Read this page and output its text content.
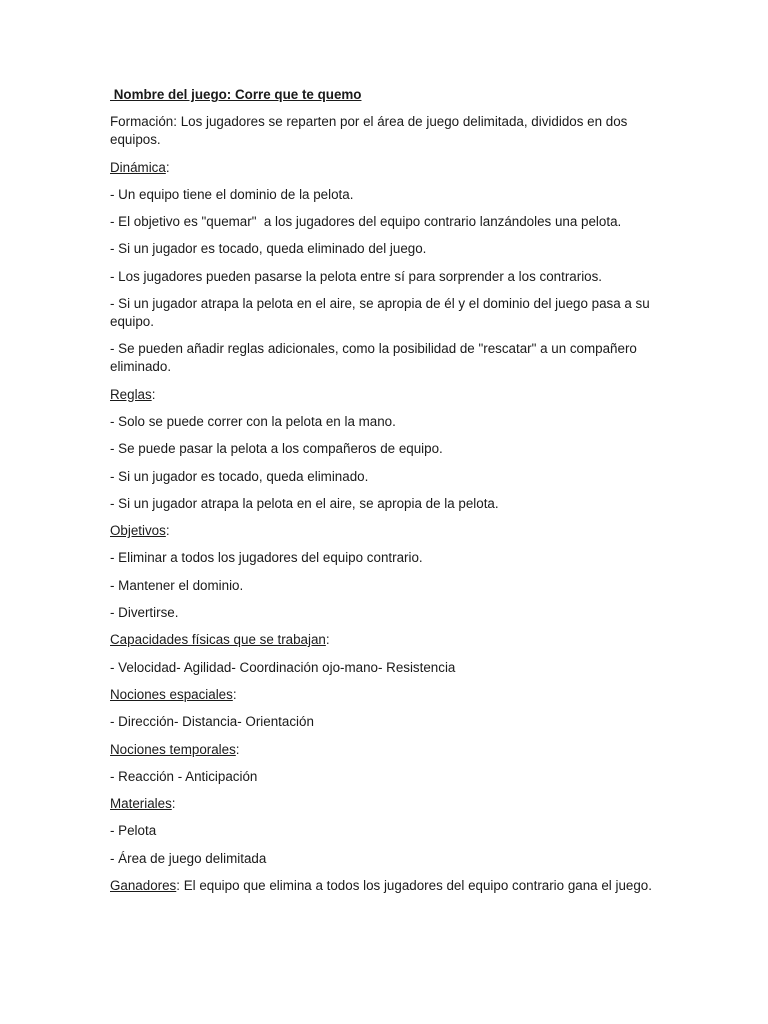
Nombre del juego: Corre que te quemo

Formación: Los jugadores se reparten por el área de juego delimitada, divididos en dos equipos.

Dinámica:

- Un equipo tiene el dominio de la pelota.

- El objetivo es "quemar"  a los jugadores del equipo contrario lanzándoles una pelota.

- Si un jugador es tocado, queda eliminado del juego.

- Los jugadores pueden pasarse la pelota entre sí para sorprender a los contrarios.

- Si un jugador atrapa la pelota en el aire, se apropia de él y el dominio del juego pasa a su equipo.

- Se pueden añadir reglas adicionales, como la posibilidad de "rescatar" a un compañero eliminado.

Reglas:

- Solo se puede correr con la pelota en la mano.

- Se puede pasar la pelota a los compañeros de equipo.

- Si un jugador es tocado, queda eliminado.

- Si un jugador atrapa la pelota en el aire, se apropia de la pelota.

Objetivos:

- Eliminar a todos los jugadores del equipo contrario.

- Mantener el dominio.

- Divertirse.

Capacidades físicas que se trabajan:

- Velocidad- Agilidad- Coordinación ojo-mano- Resistencia

Nociones espaciales:

- Dirección- Distancia- Orientación

Nociones temporales:

- Reacción - Anticipación

Materiales:

- Pelota

- Área de juego delimitada

Ganadores: El equipo que elimina a todos los jugadores del equipo contrario gana el juego.
